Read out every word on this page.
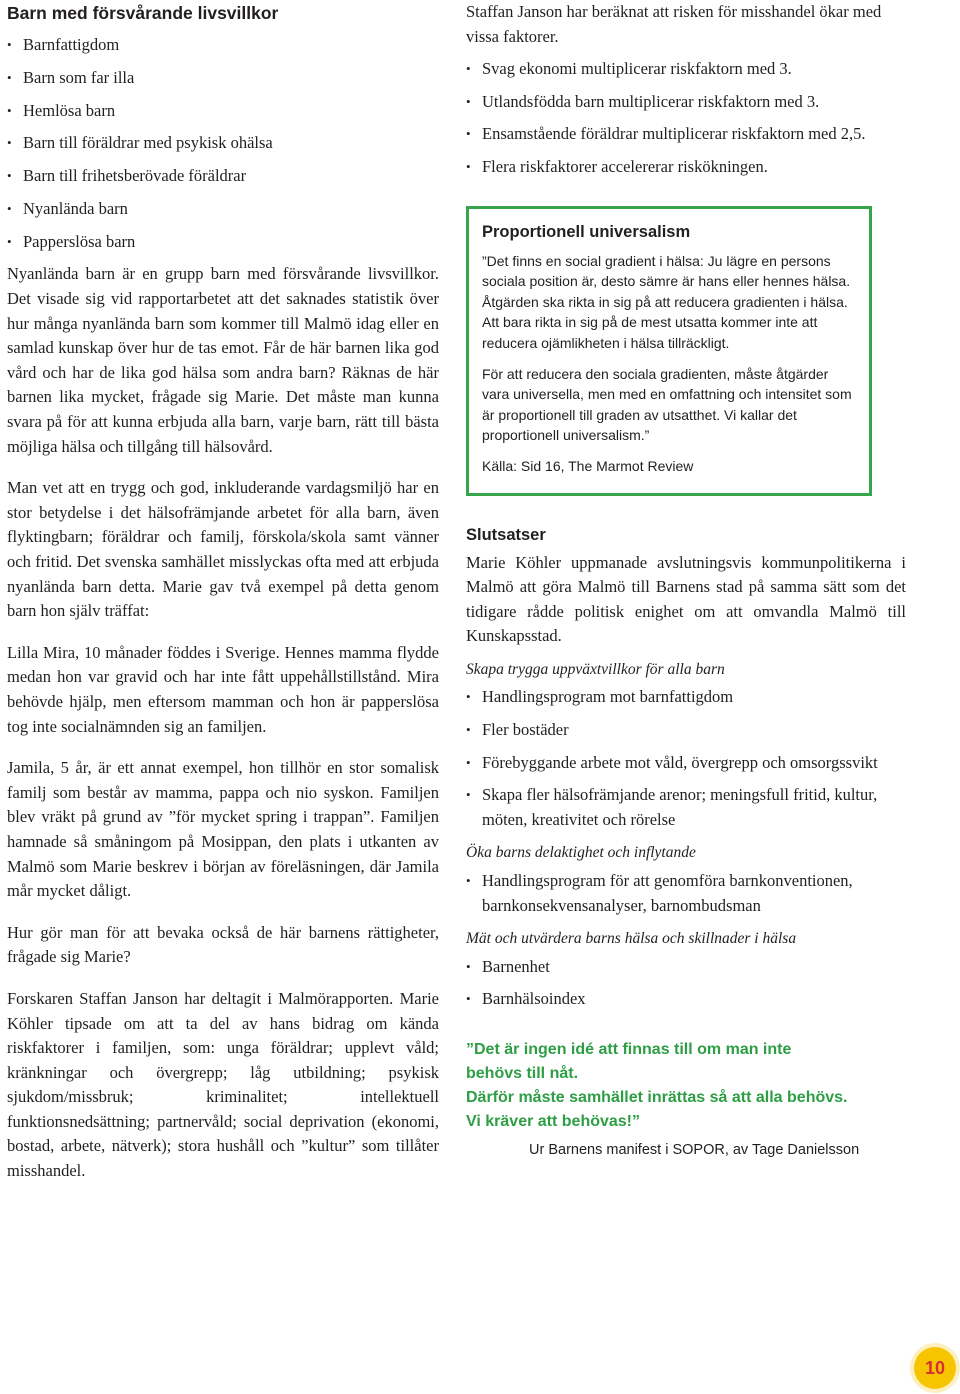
Barn med försvårande livsvillkor
• Barnfattigdom
• Barn som far illa
• Hemlösa barn
• Barn till föräldrar med psykisk ohälsa
• Barn till frihetsberövade föräldrar
• Nyanlända barn
• Papperslösa barn

Nyanlända barn är en grupp barn med försvårande livsvillkor. Det visade sig vid rapportarbetet att det saknades statistik över hur många nyanlända barn som kommer till Malmö idag eller en samlad kunskap över hur de tas emot. Får de här barnen lika god vård och har de lika god hälsa som andra barn? Räknas de här barnen lika mycket, frågade sig Marie. Det måste man kunna svara på för att kunna erbjuda alla barn, varje barn, rätt till bästa möjliga hälsa och tillgång till hälsovård.

Man vet att en trygg och god, inkluderande vardagsmiljö har en stor betydelse i det hälsofrämjande arbetet för alla barn, även flyktingbarn; föräldrar och familj, förskola/skola samt vänner och fritid. Det svenska samhället misslyckas ofta med att erbjuda nyanlända barn detta. Marie gav två exempel på detta genom barn hon själv träffat:

Lilla Mira, 10 månader föddes i Sverige. Hennes mamma flydde medan hon var gravid och har inte fått uppehållstillstånd. Mira behövde hjälp, men eftersom mamman och hon är papperslösa tog inte socialnämnden sig an familjen.

Jamila, 5 år, är ett annat exempel, hon tillhör en stor somalisk familj som består av mamma, pappa och nio syskon. Familjen blev vräkt på grund av ”för mycket spring i trappan”. Familjen hamnade så småningom på Mosippan, den plats i utkanten av Malmö som Marie beskrev i början av föreläsningen, där Jamila mår mycket dåligt.

Hur gör man för att bevaka också de här barnens rättigheter, frågade sig Marie?

Forskaren Staffan Janson har deltagit i Malmörapporten. Marie Köhler tipsade om att ta del av hans bidrag om kända riskfaktorer i familjen, som: unga föräldrar; upplevt våld; kränkningar och övergrepp; låg utbildning; psykisk sjukdom/missbruk; kriminalitet; intellektuell funktionsnedsättning; partnervåld; social deprivation (ekonomi, bostad, arbete, nätverk); stora hushåll och ”kultur” som tillåter misshandel.

Staffan Janson har beräknat att risken för misshandel ökar med vissa faktorer.

• Svag ekonomi multiplicerar riskfaktorn med 3.
• Utlandsfödda barn multiplicerar riskfaktorn med 3.
• Ensamstående föräldrar multiplicerar riskfaktorn med 2,5.
• Flera riskfaktorer accelererar riskökningen.
Proportionell universalism

”Det finns en social gradient i hälsa: Ju lägre en persons sociala position är, desto sämre är hans eller hennes hälsa. Åtgärden ska rikta in sig på att reducera gradienten i hälsa. Att bara rikta in sig på de mest utsatta kommer inte att reducera ojämlikheten i hälsa tillräckligt.

För att reducera den sociala gradienten, måste åtgärder vara universella, men med en omfattning och intensitet som är proportionell till graden av utsatthet. Vi kallar det proportionell universalism.”

Källa: Sid 16, The Marmot Review

Slutsatser

Marie Köhler uppmanade avslutningsvis kommunpolitikerna i Malmö att göra Malmö till Barnens stad på samma sätt som det tidigare rådde politisk enighet om att omvandla Malmö till Kunskapsstad.

Skapa trygga uppväxtvillkor för alla barn
• Handlingsprogram mot barnfattigdom
• Fler bostäder
• Förebyggande arbete mot våld, övergrepp och omsorgssvikt
• Skapa fler hälsofrämjande arenor; meningsfull fritid, kultur, möten, kreativitet och rörelse
Öka barns delaktighet och inflytande
• Handlingsprogram för att genomföra barnkonventionen, barnkonsekvensanalyser, barnombudsman
Mät och utvärdera barns hälsa och skillnader i hälsa
• Barnenhet
• Barnhälsoindex
”Det är ingen idé att finnas till om man inte
behövs till nåt.
Därför måste samhället inrättas så att alla behövs.
Vi kräver att behövas!”
Ur Barnens manifest i SOPOR, av Tage Danielsson
10
